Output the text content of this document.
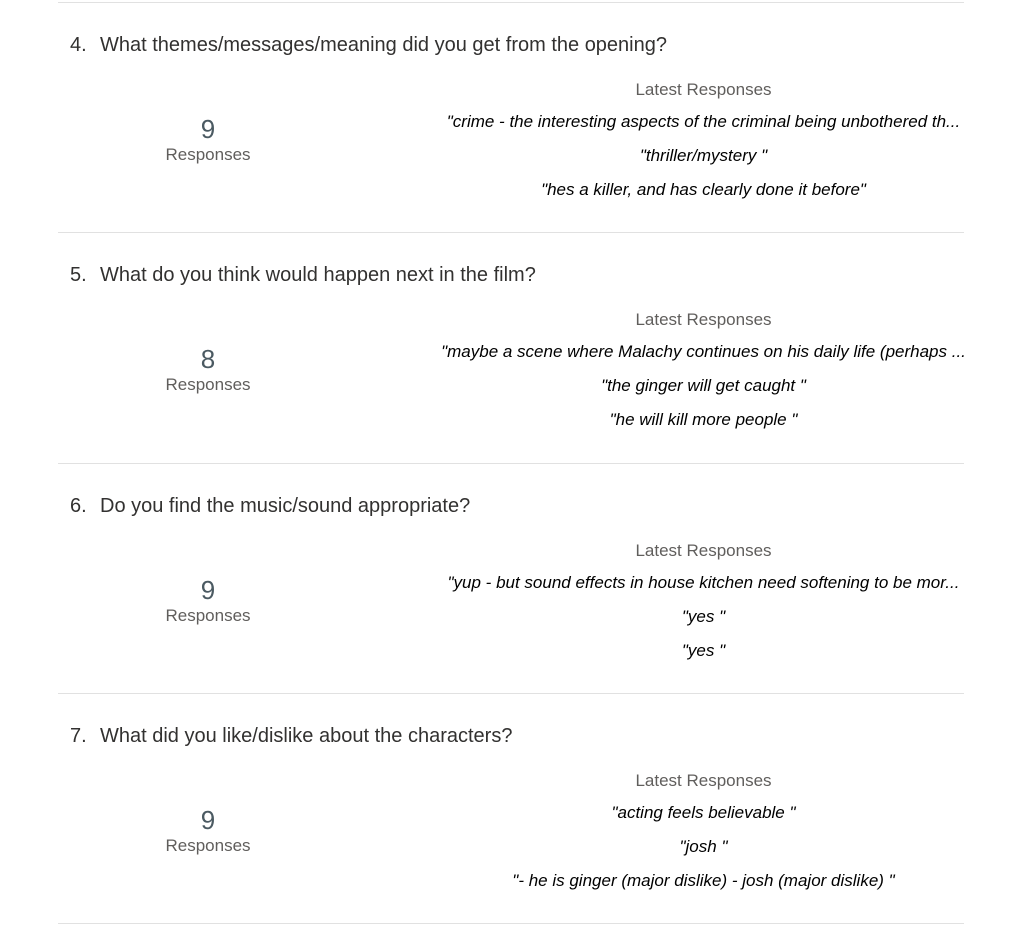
4. What themes/messages/meaning did you get from the opening?
9
Responses
Latest Responses
"crime - the interesting aspects of the criminal being unbothered th...
"thriller/mystery "
"hes a killer, and has clearly done it before"
5. What do you think would happen next in the film?
8
Responses
Latest Responses
"maybe a scene where Malachy continues on his daily life (perhaps ...
"the ginger will get caught "
"he will kill more people "
6. Do you find the music/sound appropriate?
9
Responses
Latest Responses
"yup - but sound effects in house kitchen need softening to be mor...
"yes "
"yes "
7. What did you like/dislike about the characters?
9
Responses
Latest Responses
"acting feels believable "
"josh "
"- he is ginger (major dislike) - josh (major dislike) "
